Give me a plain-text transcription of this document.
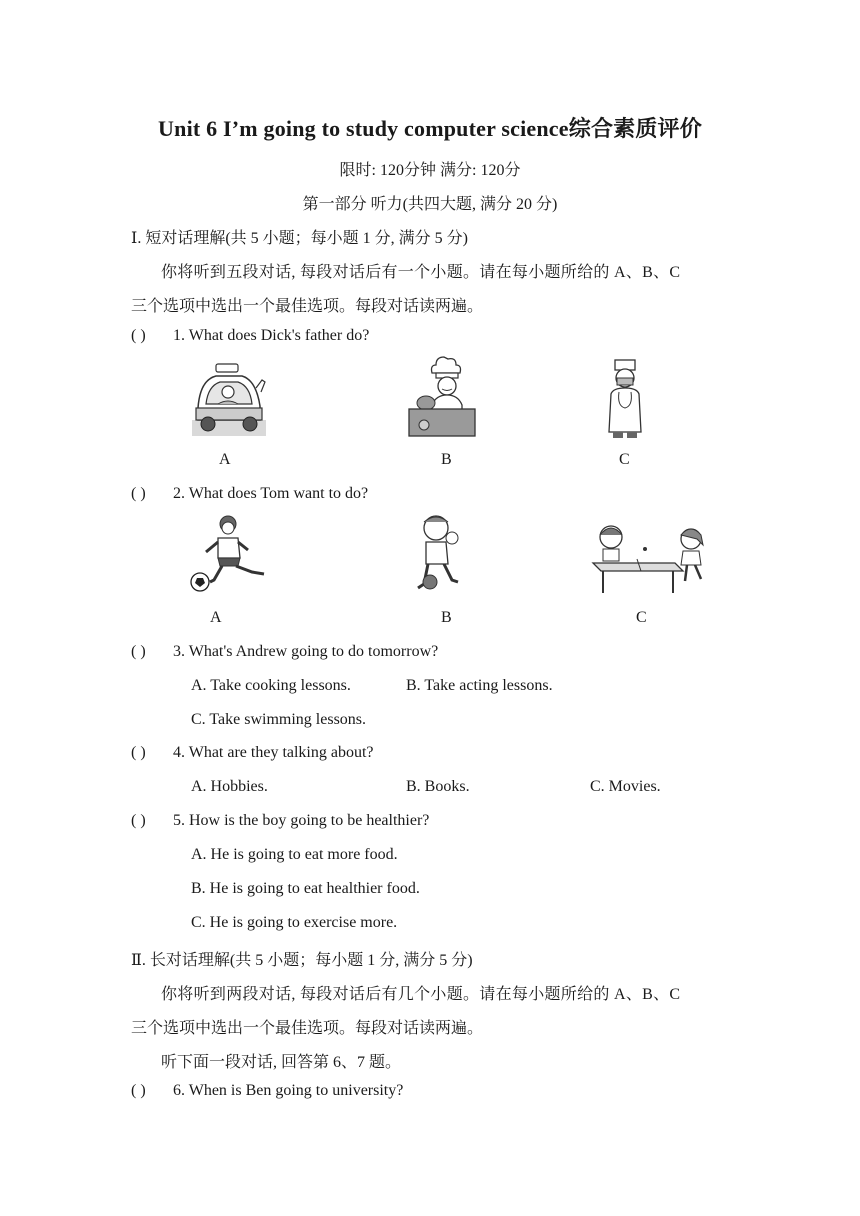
Unit 6 I’m going to study computer science综合素质评价
限时: 120分钟 满分: 120分
第一部分 听力(共四大题, 满分 20 分)
Ⅰ. 短对话理解(共 5 小题；每小题 1 分, 满分 5 分)
你将听到五段对话, 每段对话后有一个小题。请在每小题所给的 A、B、C
三个选项中选出一个最佳选项。每段对话读两遍。
( ) 1. What does Dick's father do?
A	B	C
( ) 2. What does Tom want to do?
A	B	C
( ) 3. What's Andrew going to do tomorrow?
A. Take cooking lessons.	B. Take acting lessons.
C. Take swimming lessons.
( ) 4. What are they talking about?
A. Hobbies.	B. Books.	C. Movies.
( ) 5. How is the boy going to be healthier?
A. He is going to eat more food.
B. He is going to eat healthier food.
C. He is going to exercise more.
Ⅱ. 长对话理解(共 5 小题；每小题 1 分, 满分 5 分)
你将听到两段对话, 每段对话后有几个小题。请在每小题所给的 A、B、C
三个选项中选出一个最佳选项。每段对话读两遍。
听下面一段对话, 回答第 6、7 题。
( ) 6. When is Ben going to university?
